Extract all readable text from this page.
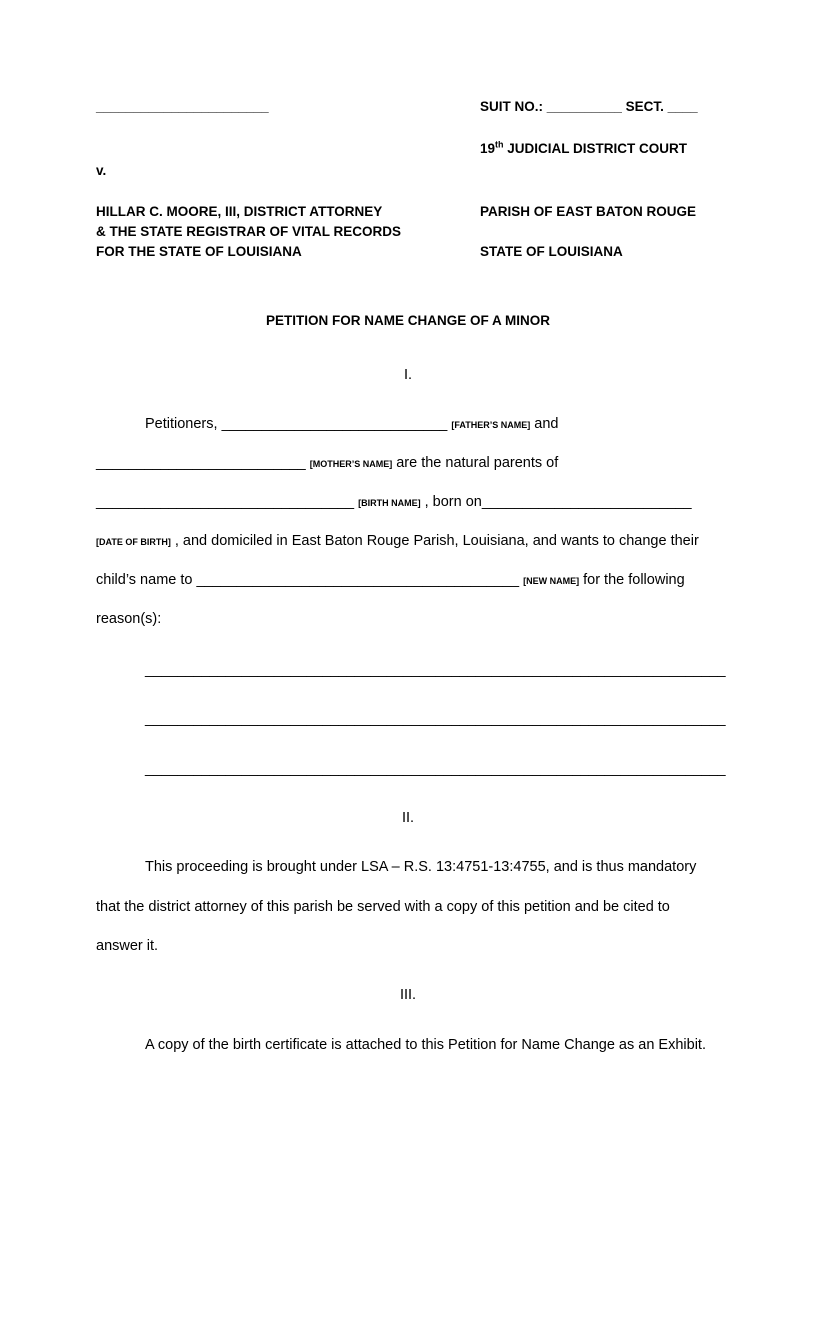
_______________________
v.
HILLAR C. MOORE, III, DISTRICT ATTORNEY
& THE STATE REGISTRAR OF VITAL RECORDS
FOR THE STATE OF LOUISIANA
SUIT NO.: __________ SECT. ____
19th JUDICIAL DISTRICT COURT
PARISH OF EAST BATON ROUGE
STATE OF LOUISIANA
PETITION FOR NAME CHANGE OF A MINOR
I.
Petitioners, ____________________________ [FATHER’S NAME] and
__________________________ [MOTHER’S NAME] are the natural parents of
________________________________ [BIRTH NAME] , born on__________________________
[DATE OF BIRTH] , and domiciled in East Baton Rouge Parish, Louisiana, and wants to change their
child’s name to ________________________________________ [NEW NAME] for the following
reason(s):
________________________________________________________________________
________________________________________________________________________
________________________________________________________________________
II.
This proceeding is brought under LSA – R.S. 13:4751-13:4755, and is thus mandatory
that the district attorney of this parish be served with a copy of this petition and be cited to
answer it.
III.
A copy of the birth certificate is attached to this Petition for Name Change as an Exhibit.
